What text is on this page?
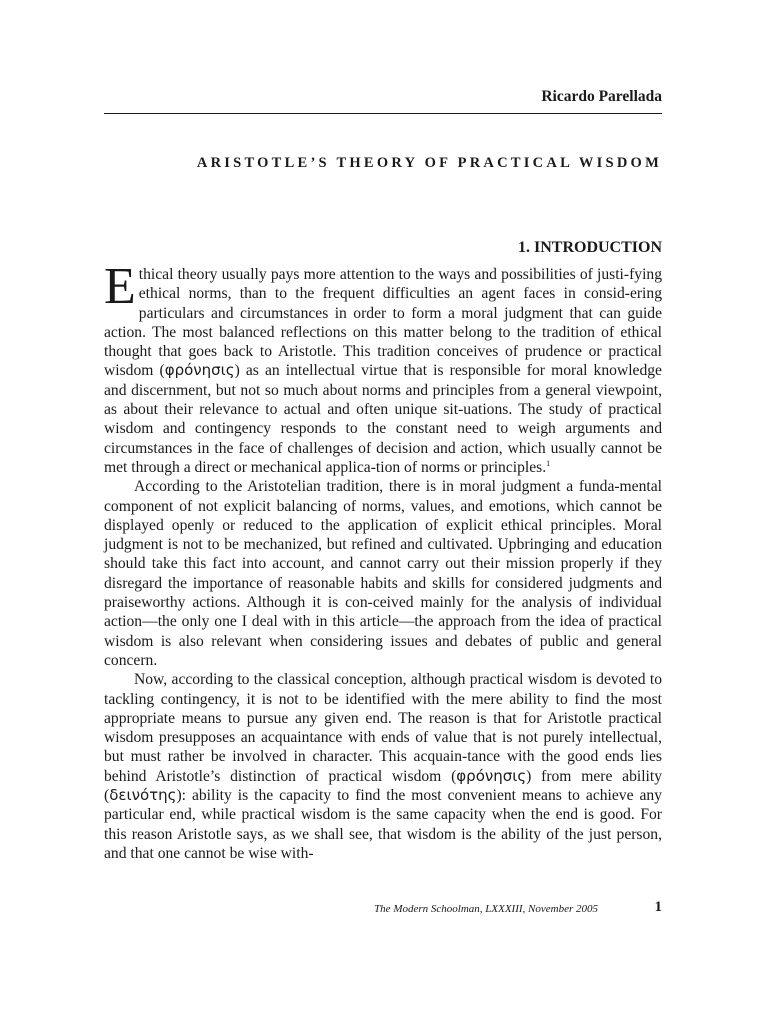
Ricardo Parellada
ARISTOTLE’S THEORY OF PRACTICAL WISDOM
1. INTRODUCTION

Ethical theory usually pays more attention to the ways and possibilities of justi-fying ethical norms, than to the frequent difficulties an agent faces in consid-ering particulars and circumstances in order to form a moral judgment that can guide action. The most balanced reflections on this matter belong to the tradition of ethical thought that goes back to Aristotle. This tradition conceives of prudence or practical wisdom (φρόνησις) as an intellectual virtue that is responsible for moral knowledge and discernment, but not so much about norms and principles from a general viewpoint, as about their relevance to actual and often unique sit-uations. The study of practical wisdom and contingency responds to the constant need to weigh arguments and circumstances in the face of challenges of decision and action, which usually cannot be met through a direct or mechanical applica-tion of norms or principles.$^1$

According to the Aristotelian tradition, there is in moral judgment a funda-mental component of not explicit balancing of norms, values, and emotions, which cannot be displayed openly or reduced to the application of explicit ethical principles. Moral judgment is not to be mechanized, but refined and cultivated. Upbringing and education should take this fact into account, and cannot carry out their mission properly if they disregard the importance of reasonable habits and skills for considered judgments and praiseworthy actions. Although it is con-ceived mainly for the analysis of individual action—the only one I deal with in this article—the approach from the idea of practical wisdom is also relevant when considering issues and debates of public and general concern.

Now, according to the classical conception, although practical wisdom is devoted to tackling contingency, it is not to be identified with the mere ability to find the most appropriate means to pursue any given end. The reason is that for Aristotle practical wisdom presupposes an acquaintance with ends of value that is not purely intellectual, but must rather be involved in character. This acquain-tance with the good ends lies behind Aristotle’s distinction of practical wisdom (φρόνησις) from mere ability (δεινότης): ability is the capacity to find the most convenient means to achieve any particular end, while practical wisdom is the same capacity when the end is good. For this reason Aristotle says, as we shall see, that wisdom is the ability of the just person, and that one cannot be wise with-

The Modern Schoolman, LXXXIII, November 2005	1
